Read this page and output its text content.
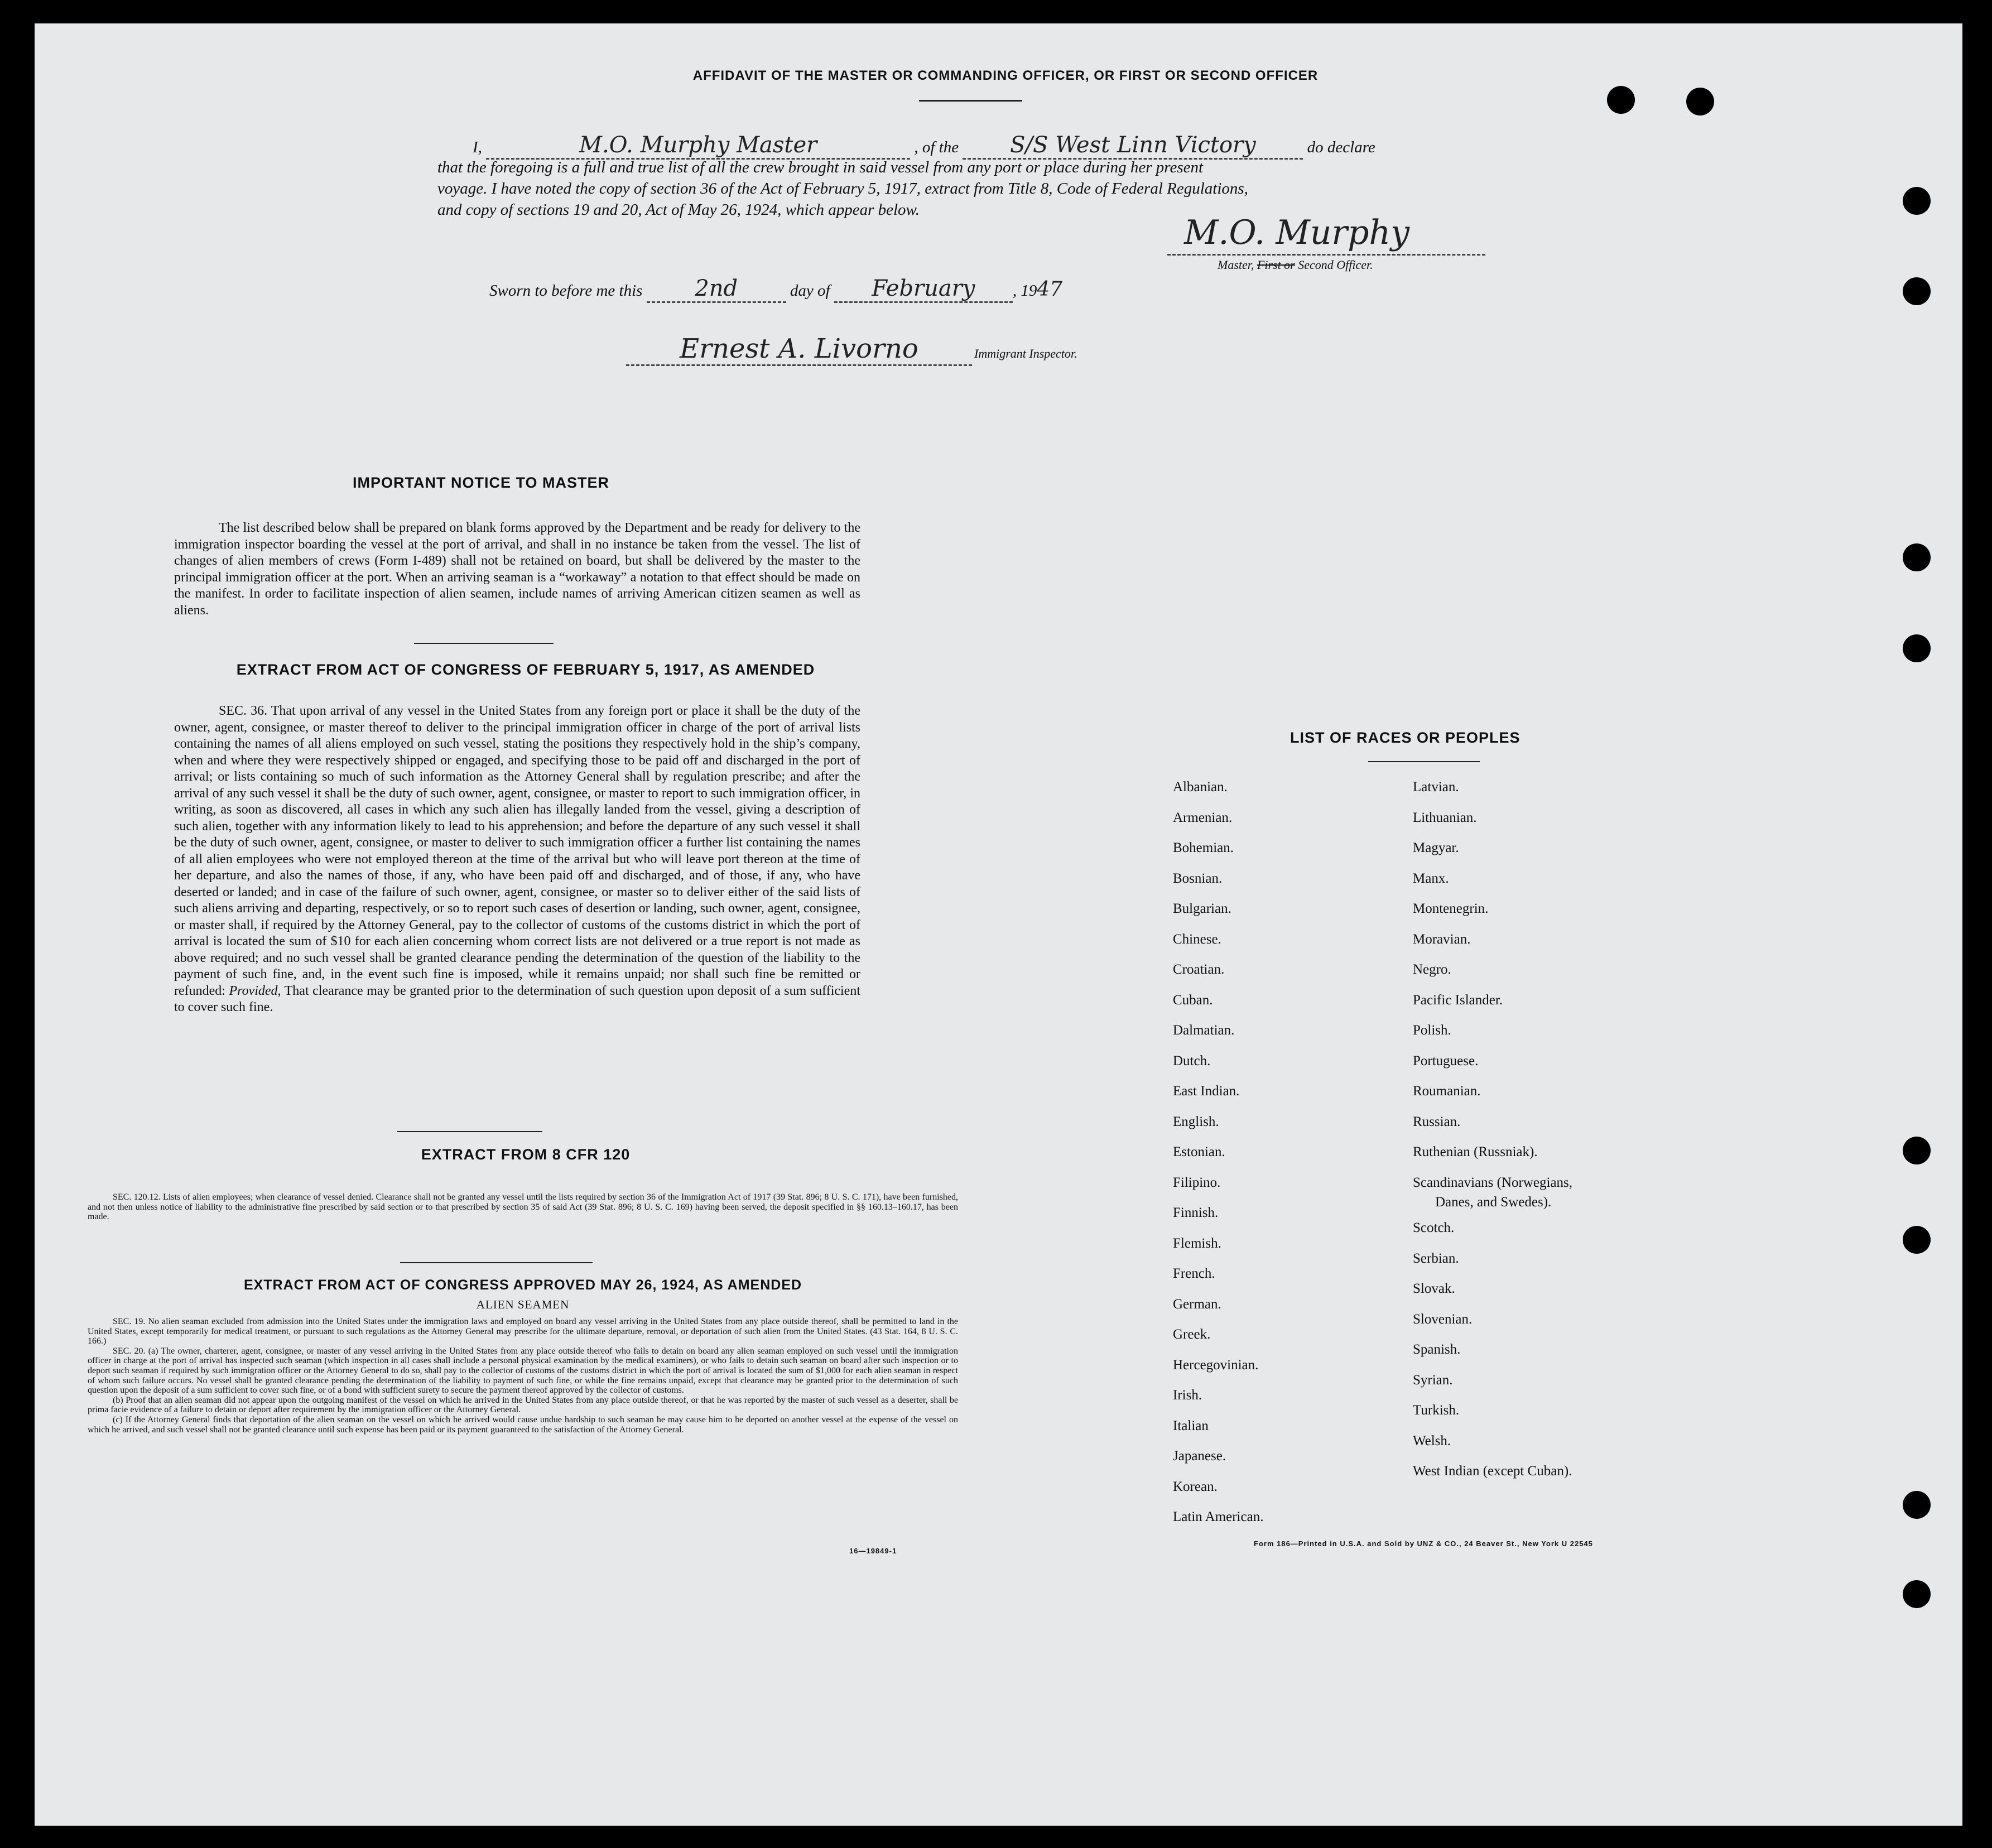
AFFIDAVIT OF THE MASTER OR COMMANDING OFFICER, OR FIRST OR SECOND OFFICER
I,	M.O. Murphy Master	, of the S/S West Linn Victory	do declare
that the foregoing is a full and true list of all the crew brought in said vessel from any port or place during her present
voyage. I have noted the copy of section 36 of the Act of February 5, 1917, extract from Title 8, Code of Federal Regulations,
and copy of sections 19 and 20, Act of May 26, 1924, which appear below.
M.O. Murphy
Master, First or Second Officer.
Sworn to before me this 2nd	day of February , 1947
Ernest A. Livorno	Immigrant Inspector.
IMPORTANT NOTICE TO MASTER
The list described below shall be prepared on blank forms approved by the Department and be ready for delivery to the immigration inspector boarding the vessel at the port of arrival, and shall in no instance be taken from the vessel. The list of changes of alien members of crews (Form I-489) shall not be retained on board, but shall be delivered by the master to the principal immigration officer at the port. When an arriving seaman is a “workaway” a notation to that effect should be made on the manifest. In order to facilitate inspection of alien seamen, include names of arriving American citizen seamen as well as aliens.
EXTRACT FROM ACT OF CONGRESS OF FEBRUARY 5, 1917, AS AMENDED
SEC. 36. That upon arrival of any vessel in the United States from any foreign port or place it shall be the duty of the owner, agent, consignee, or master thereof to deliver to the principal immigration officer in charge of the port of arrival lists containing the names of all aliens employed on such vessel, stating the positions they respectively hold in the ship’s company, when and where they were respectively shipped or engaged, and specifying those to be paid off and discharged in the port of arrival; or lists containing so much of such information as the Attorney General shall by regulation prescribe; and after the arrival of any such vessel it shall be the duty of such owner, agent, consignee, or master to report to such immigration officer, in writing, as soon as discovered, all cases in which any such alien has illegally landed from the vessel, giving a description of such alien, together with any information likely to lead to his apprehension; and before the departure of any such vessel it shall be the duty of such owner, agent, consignee, or master to deliver to such immigration officer a further list containing the names of all alien employees who were not employed thereon at the time of the arrival but who will leave port thereon at the time of her departure, and also the names of those, if any, who have been paid off and discharged, and of those, if any, who have deserted or landed; and in case of the failure of such owner, agent, consignee, or master so to deliver either of the said lists of such aliens arriving and departing, respectively, or so to report such cases of desertion or landing, such owner, agent, consignee, or master shall, if required by the Attorney General, pay to the collector of customs of the customs district in which the port of arrival is located the sum of $10 for each alien concerning whom correct lists are not delivered or a true report is not made as above required; and no such vessel shall be granted clearance pending the determination of the question of the liability to the payment of such fine, and, in the event such fine is imposed, while it remains unpaid; nor shall such fine be remitted or refunded: Provided, That clearance may be granted prior to the determination of such question upon deposit of a sum sufficient to cover such fine.
EXTRACT FROM 8 CFR 120
SEC. 120.12. Lists of alien employees; when clearance of vessel denied. Clearance shall not be granted any vessel until the lists required by section 36 of the Immigration Act of 1917 (39 Stat. 896; 8 U. S. C. 171), have been furnished, and not then unless notice of liability to the administrative fine prescribed by said section or to that prescribed by section 35 of said Act (39 Stat. 896; 8 U. S. C. 169) having been served, the deposit specified in §§ 160.13–160.17, has been made.
EXTRACT FROM ACT OF CONGRESS APPROVED MAY 26, 1924, AS AMENDED
ALIEN SEAMEN
SEC. 19. No alien seaman excluded from admission into the United States under the immigration laws and employed on board any vessel arriving in the United States from any place outside thereof, shall be permitted to land in the United States, except temporarily for medical treatment, or pursuant to such regulations as the Attorney General may prescribe for the ultimate departure, removal, or deportation of such alien from the United States. (43 Stat. 164, 8 U. S. C. 166.)
SEC. 20. (a) The owner, charterer, agent, consignee, or master of any vessel arriving in the United States from any place outside thereof who fails to detain on board any alien seaman employed on such vessel until the immigration officer in charge at the port of arrival has inspected such seaman (which inspection in all cases shall include a personal physical examination by the medical examiners), or who fails to detain such seaman on board after such inspection or to deport such seaman if required by such immigration officer or the Attorney General to do so, shall pay to the collector of customs of the customs district in which the port of arrival is located the sum of $1,000 for each alien seaman in respect of whom such failure occurs. No vessel shall be granted clearance pending the determination of the liability to payment of such fine, or while the fine remains unpaid, except that clearance may be granted prior to the determination of such question upon the deposit of a sum sufficient to cover such fine, or of a bond with sufficient surety to secure the payment thereof approved by the collector of customs.
(b) Proof that an alien seaman did not appear upon the outgoing manifest of the vessel on which he arrived in the United States from any place outside thereof, or that he was reported by the master of such vessel as a deserter, shall be prima facie evidence of a failure to detain or deport after requirement by the immigration officer or the Attorney General.
(c) If the Attorney General finds that deportation of the alien seaman on the vessel on which he arrived would cause undue hardship to such seaman he may cause him to be deported on another vessel at the expense of the vessel on which he arrived, and such vessel shall not be granted clearance until such expense has been paid or its payment guaranteed to the satisfaction of the Attorney General.
16—19849-1
LIST OF RACES OR PEOPLES
Albanian.
Armenian.
Bohemian.
Bosnian.
Bulgarian.
Chinese.
Croatian.
Cuban.
Dalmatian.
Dutch.
East Indian.
English.
Estonian.
Filipino.
Finnish.
Flemish.
French.
German.
Greek.
Hercegovinian.
Irish.
Italian
Japanese.
Korean.
Latin American.
Latvian.
Lithuanian.
Magyar.
Manx.
Montenegrin.
Moravian.
Negro.
Pacific Islander.
Polish.
Portuguese.
Roumanian.
Russian.
Ruthenian (Russniak).
Scandinavians (Norwegians,
Danes, and Swedes).
Scotch.
Serbian.
Slovak.
Slovenian.
Spanish.
Syrian.
Turkish.
Welsh.
West Indian (except Cuban).
Form 186—Printed in U.S.A. and Sold by UNZ & CO., 24 Beaver St., New York U 22545
